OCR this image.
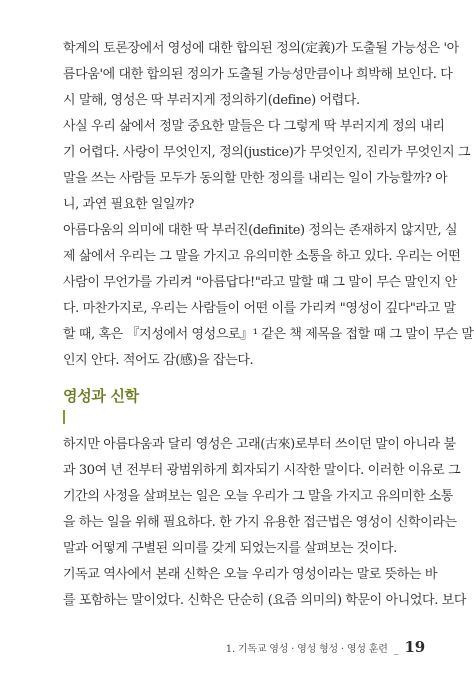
학계의 토론장에서 영성에 대한 합의된 정의(定義)가 도출될 가능성은 '아
름다움'에 대한 합의된 정의가 도출될 가능성만큼이나 희박해 보인다. 다
시 말해, 영성은 딱 부러지게 정의하기(define) 어렵다.
사실 우리 삶에서 정말 중요한 말들은 다 그렇게 딱 부러지게 정의 내리
기 어렵다. 사랑이 무엇인지, 정의(justice)가 무엇인지, 진리가 무엇인지 그
말을 쓰는 사람들 모두가 동의할 만한 정의를 내리는 일이 가능할까? 아
니, 과연 필요한 일일까?
아름다움의 의미에 대한 딱 부러진(definite) 정의는 존재하지 않지만, 실
제 삶에서 우리는 그 말을 가지고 유의미한 소통을 하고 있다. 우리는 어떤
사람이 무언가를 가리켜 "아름답다!"라고 말할 때 그 말이 무슨 말인지 안
다. 마찬가지로, 우리는 사람들이 어떤 이를 가리켜 "영성이 깊다"라고 말
할 때, 혹은 『지성에서 영성으로』¹ 같은 책 제목을 접할 때 그 말이 무슨 말
인지 안다. 적어도 감(感)을 잡는다.
영성과 신학
하지만 아름다움과 달리 영성은 고래(古來)로부터 쓰이던 말이 아니라 불
과 30여 년 전부터 광범위하게 회자되기 시작한 말이다. 이러한 이유로 그
기간의 사정을 살펴보는 일은 오늘 우리가 그 말을 가지고 유의미한 소통
을 하는 일을 위해 필요하다. 한 가지 유용한 접근법은 영성이 신학이라는
말과 어떻게 구별된 의미를 갖게 되었는지를 살펴보는 것이다.
기독교 역사에서 본래 신학은 오늘 우리가 영성이라는 말로 뜻하는 바
를 포함하는 말이었다. 신학은 단순히 (요즘 의미의) 학문이 아니었다. 보다
1. 기독교 영성 · 영성 형성 · 영성 훈련 _ 19
